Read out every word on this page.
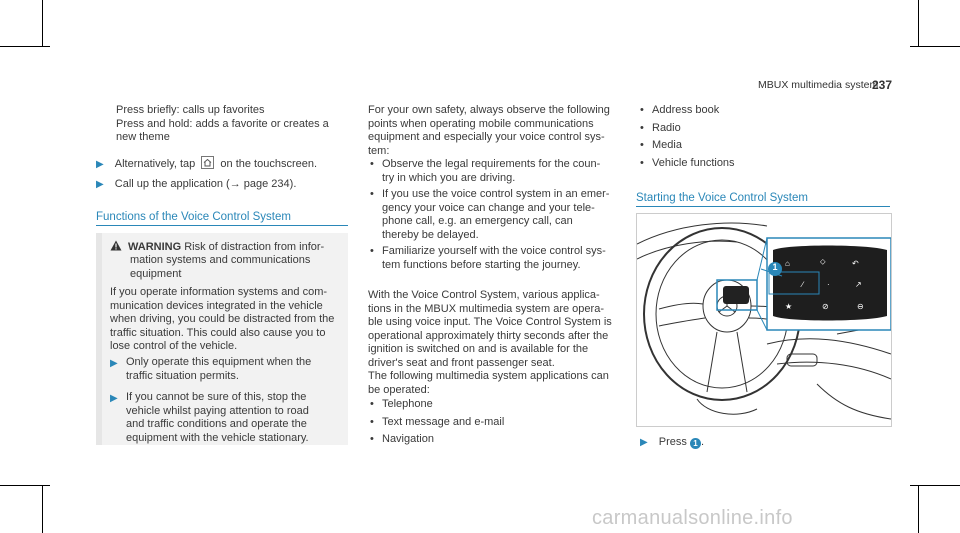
MBUX multimedia system
237

Press briefly: calls up favorites

Press and hold: adds a favorite or creates a

new theme

▶ Alternatively, tap on the touchscreen.
▶ Call up the application (→ page 234).
Functions of the Voice Control System
WARNING Risk of distraction from infor-

mation systems and communications

equipment

If you operate information systems and com-

munication devices integrated in the vehicle

when driving, you could be distracted from the

traffic situation. This could also cause you to

lose control of the vehicle.

▶ Only operate this equipment when the

traffic situation permits.

▶ If you cannot be sure of this, stop the

vehicle whilst paying attention to road

and traffic conditions and operate the

equipment with the vehicle stationary.

For your own safety, always observe the following

points when operating mobile communications

equipment and especially your voice control sys-

tem:

• Observe the legal requirements for the coun-

try in which you are driving.

• If you use the voice control system in an emer-

gency your voice can change and your tele-

phone call, e.g. an emergency call, can

thereby be delayed.

• Familiarize yourself with the voice control sys-

tem functions before starting the journey.

With the Voice Control System, various applica-

tions in the MBUX multimedia system are opera-

ble using voice input. The Voice Control System is

operational approximately thirty seconds after the

ignition is switched on and is available for the

driver's seat and front passenger seat.

The following multimedia system applications can

be operated:

• Telephone
• Text message and e-mail
• Navigation
• Address book
• Radio
• Media
• Vehicle functions
Starting the Voice Control System
⌂	⬦	↶
∕	·	↗
★	⊘	⊖
1
▶ Press 1 .
carmanualsonline.info
